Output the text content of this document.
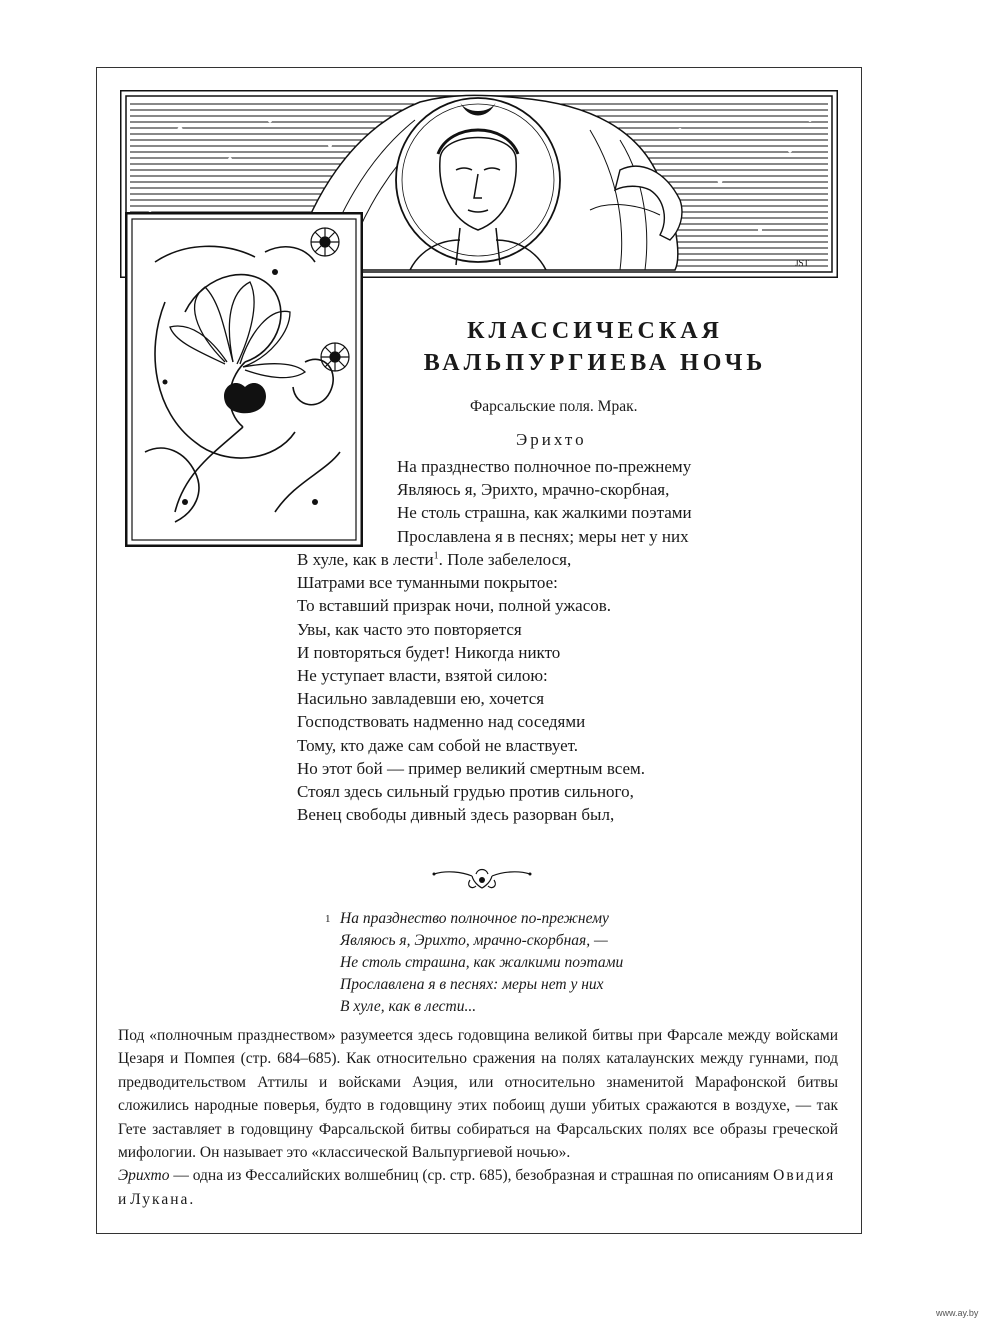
JST
КЛАССИЧЕСКАЯ
ВАЛЬПУРГИЕВА НОЧЬ
Фарсальские поля. Мрак.
Эрихто
На празднество полночное по-прежнему
Являюсь я, Эрихто, мрачно-скорбная,
Не столь страшна, как жалкими поэтами
Прославлена я в песнях; меры нет у них
В хуле, как в лести$^1$. Поле забелелося,
Шатрами все туманными покрытое:
То вставший призрак ночи, полной ужасов.
Увы, как часто это повторяется
И повторяться будет! Никогда никто
Не уступает власти, взятой силою:
Насильно завладевши ею, хочется
Господствовать надменно над соседями
Тому, кто даже сам собой не властвует.
Но этот бой — пример великий смертным всем.
Стоял здесь сильный грудью против сильного,
Венец свободы дивный здесь разорван был,
1 На празднество полночное по-прежнему
Являюсь я, Эрихто, мрачно-скорбная, —
Не столь страшна, как жалкими поэтами
Прославлена я в песнях: меры нет у них
В хуле, как в лести...

Под «полночным празднеством» разумеется здесь годовщина великой битвы при Фарсале между войсками Цезаря и Помпея (стр. 684–685). Как относительно сражения на полях каталаунских между гуннами, под предводительством Аттилы и войсками Аэция, или относительно знаменитой Марафонской битвы сложились народные поверья, будто в годовщину этих побоищ души убитых сражаются в воздухе, — так Гете заставляет в годовщину Фарсальской битвы собираться на Фарсальских полях все образы греческой мифологии. Он называет это «классической Вальпургиевой ночью».

Эрихто — одна из Фессалийских волшебниц (ср. стр. 685), безобразная и страшная по описаниям Овидия и Лукана.

www.ay.by
